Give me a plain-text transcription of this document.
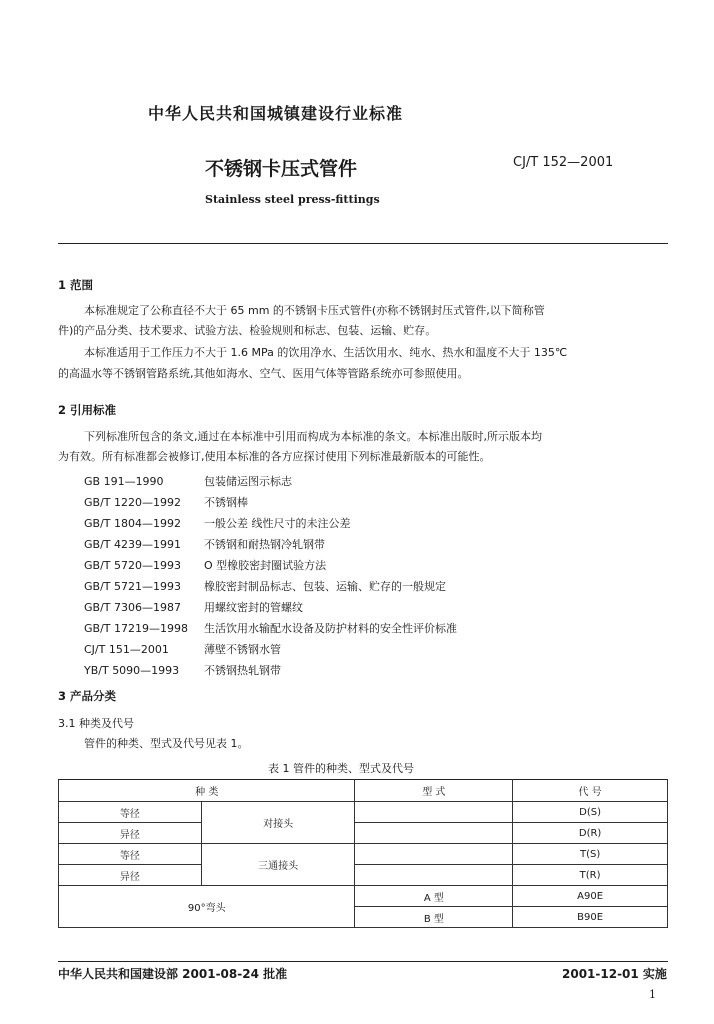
中华人民共和国城镇建设行业标准
不锈钢卡压式管件	CJ/T 152—2001
Stainless steel press-fittings
1 范围
本标准规定了公称直径不大于 65 mm 的不锈钢卡压式管件(亦称不锈钢封压式管件,以下简称管
件)的产品分类、技术要求、试验方法、检验规则和标志、包装、运输、贮存。
本标准适用于工作压力不大于 1.6 MPa 的饮用净水、生活饮用水、纯水、热水和温度不大于 135℃
的高温水等不锈钢管路系统,其他如海水、空气、医用气体等管路系统亦可参照使用。
2 引用标准
下列标准所包含的条文,通过在本标准中引用而构成为本标准的条文。本标准出版时,所示版本均
为有效。所有标准都会被修订,使用本标准的各方应探讨使用下列标准最新版本的可能性。
GB 191—1990	包装储运图示标志
GB/T 1220—1992 不锈钢棒
GB/T 1804—1992 一般公差 线性尺寸的未注公差
GB/T 4239—1991 不锈钢和耐热钢冷轧钢带
GB/T 5720—1993 O 型橡胶密封圈试验方法
GB/T 5721—1993 橡胶密封制品标志、包装、运输、贮存的一般规定
GB/T 7306—1987 用螺纹密封的管螺纹
GB/T 17219—1998 生活饮用水输配水设备及防护材料的安全性评价标准
CJ/T 151—2001	薄壁不锈钢水管
YB/T 5090—1993 不锈钢热轧钢带
3 产品分类
3.1 种类及代号
管件的种类、型式及代号见表 1。
表 1 管件的种类、型式及代号
种 类		型 式	代 号
等径	对接头		D(S)
异径			D(R)
等径	三通接头		T(S)
异径			T(R)
90°弯头		A 型	A90E
		B 型	B90E
中华人民共和国建设部 2001-08-24 批准	2001-12-01 实施
1
